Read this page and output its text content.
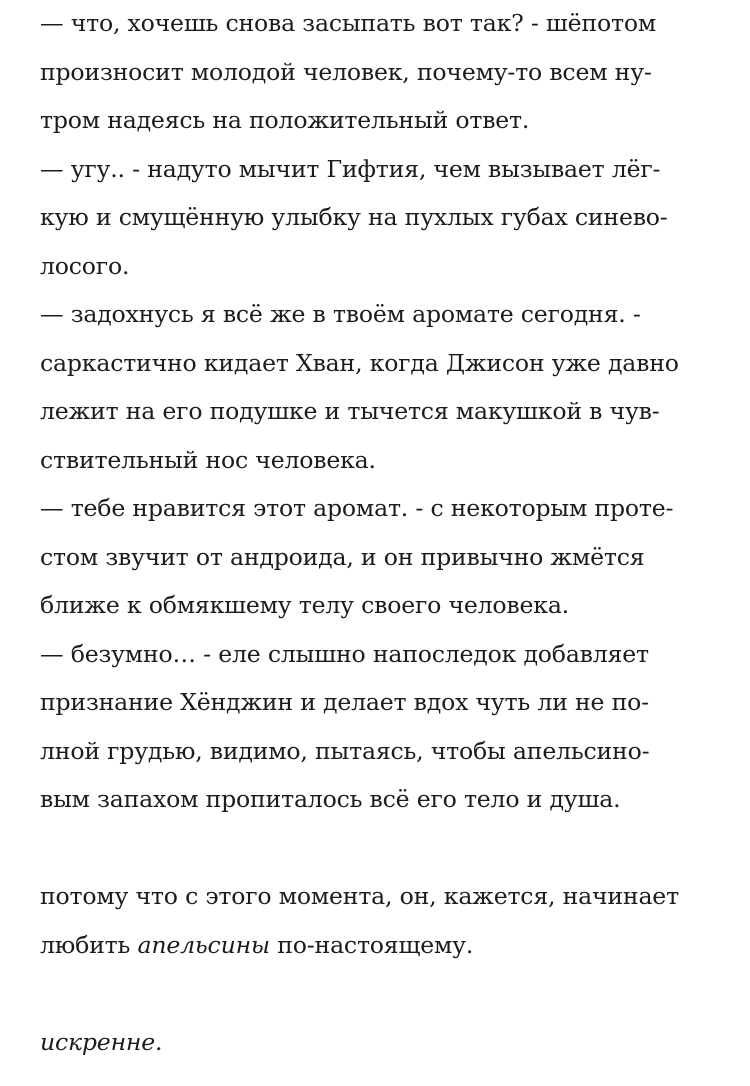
— что, хочешь снова засыпать вот так? - шёпотом
произносит молодой человек, почему-то всем ну-
тром надеясь на положительный ответ.
— угу.. - надуто мычит Гифтия, чем вызывает лёг-
кую и смущённую улыбку на пухлых губах синево-
лосого.
— задохнусь я всё же в твоём аромате сегодня. -
саркастично кидает Хван, когда Джисон уже давно
лежит на его подушке и тычется макушкой в чув-
ствительный нос человека.
— тебе нравится этот аромат. - с некоторым проте-
стом звучит от андроида, и он привычно жмётся
ближе к обмякшему телу своего человека.
— безумно… - еле слышно напоследок добавляет
признание Хёнджин и делает вдох чуть ли не по-
лной грудью, видимо, пытаясь, чтобы апельсино-
вым запахом пропиталось всё его тело и душа.
потому что с этого момента, он, кажется, начинает
любить апельсины по-настоящему.
искренне.
